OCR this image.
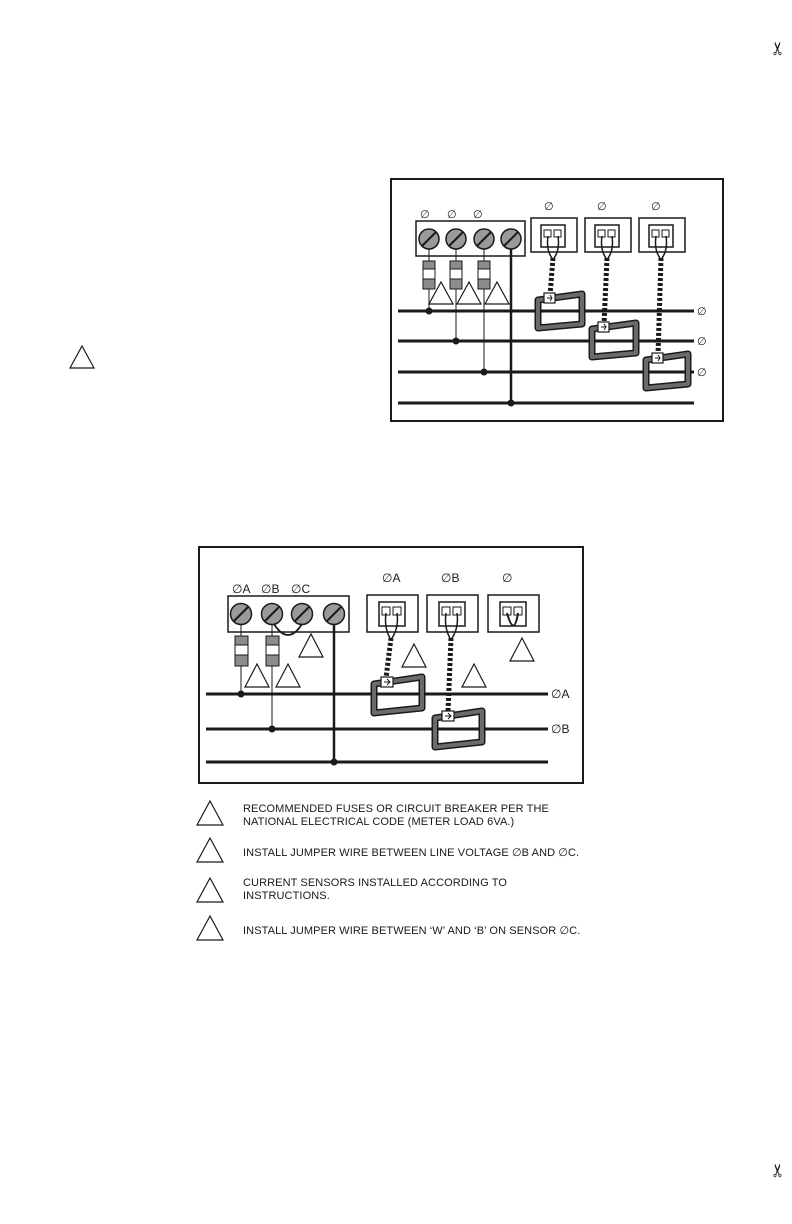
✂
✂
∅ ∅ ∅
∅
∅
∅
∅	∅	∅
∅A ∅B ∅C
∅A
∅B
∅A	∅B	∅
RECOMMENDED FUSES OR CIRCUIT BREAKER PER THE
NATIONAL ELECTRICAL CODE (METER LOAD 6VA.)
INSTALL JUMPER WIRE BETWEEN LINE VOLTAGE ∅B AND ∅C.
CURRENT SENSORS INSTALLED ACCORDING TO
INSTRUCTIONS.
INSTALL JUMPER WIRE BETWEEN ‘W’ AND ‘B’ ON SENSOR ∅C.
